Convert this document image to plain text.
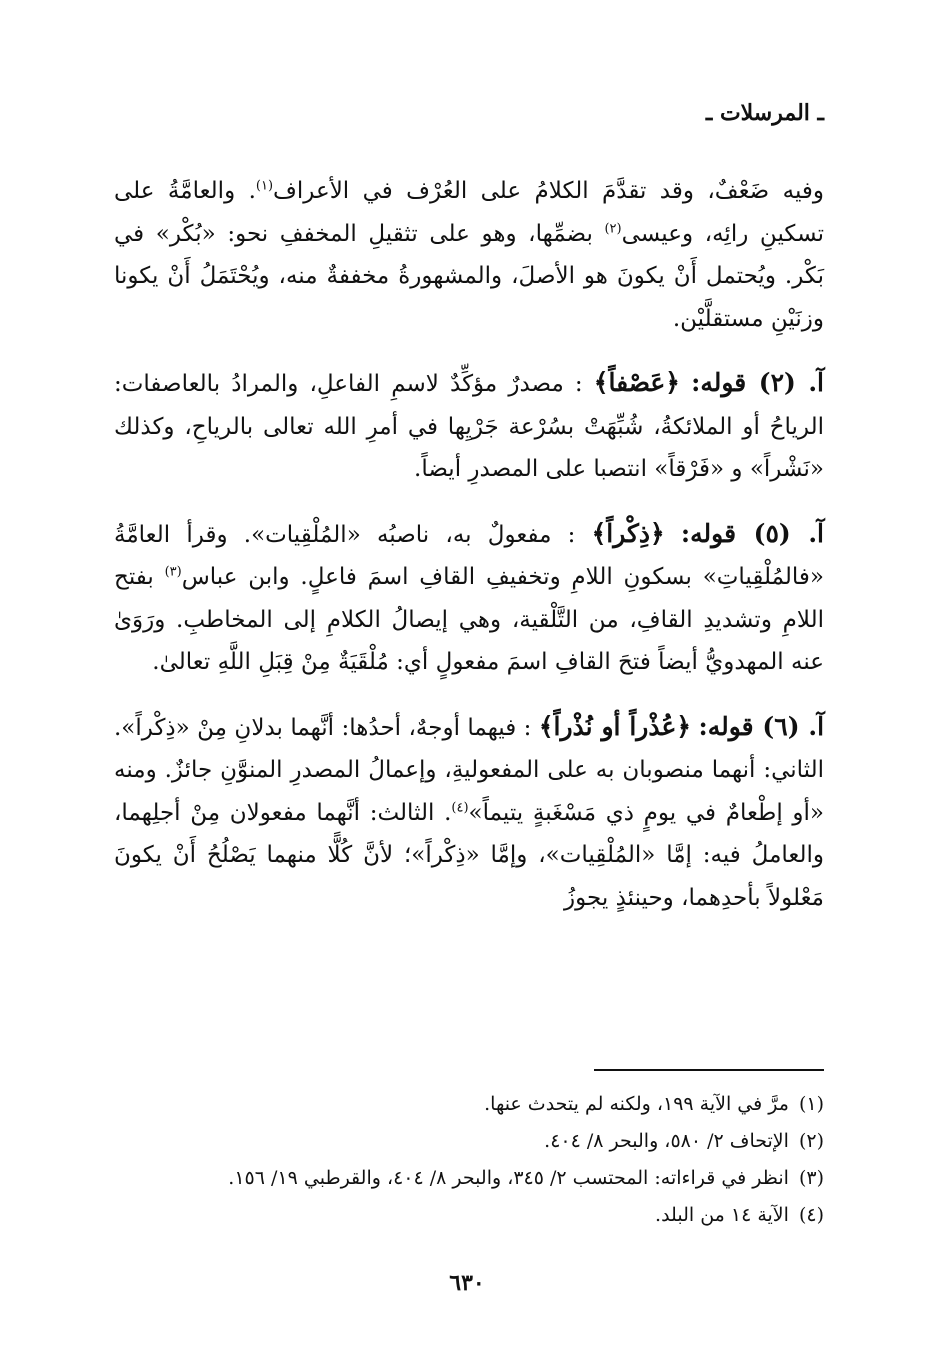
ـ المرسلات ـ

وفيه ضَعْفٌ، وقد تقدَّمَ الكلامُ على العُرْف في الأعراف$^{(١)}$. والعامَّةُ على تسكينِ رائِه، وعيسى$^{(٢)}$ بضمِّها، وهو على تثقيلِ المخففِ نحو: «بُكْر» في بَكْر. ويُحتمل أَنْ يكونَ هو الأصلَ، والمشهورةُ مخففةٌ منه، ويُحْتَمَلُ أَنْ يكونا وزنَيْنِ مستقلَّيْن.

آ. (٢) قوله: ﴿عَصْفاً﴾ : مصدرٌ مؤكِّدٌ لاسمِ الفاعلِ، والمرادُ بالعاصفات: الرياحُ أو الملائكةُ، شُبِّهَتْ بسُرْعة جَرْيِها في أمرِ الله تعالى بالرياحِ، وكذلك «نَشْراً» و «فَرْقاً» انتصبا على المصدرِ أيضاً.

آ. (٥) قوله: ﴿ذِكْراً﴾ : مفعولٌ به، ناصبُه «المُلْقِيات». وقرأ العامَّةُ «فالمُلْقِياتِ» بسكونِ اللامِ وتخفيفِ القافِ اسمَ فاعلٍ. وابن عباس$^{(٣)}$ بفتح اللامِ وتشديدِ القافِ، من التَّلْقية، وهي إيصالُ الكلامِ إلى المخاطبِ. ورَوَىٰ عنه المهدويُّ أيضاً فتحَ القافِ اسمَ مفعولٍ أي: مُلْقَيَةٌ مِنْ قِبَلِ اللَّهِ تعالىٰ.

آ. (٦) قوله: ﴿عُذْراً أو نُذْراً﴾ : فيهما أوجهٌ، أحدُها: أنَّهما بدلانِ مِنْ «ذِكْراً». الثاني: أنهما منصوبان به على المفعوليةِ، وإعمالُ المصدرِ المنوَّنِ جائزٌ. ومنه «أو إطْعامٌ في يومٍ ذي مَسْغَبةٍ يتيماً»$^{(٤)}$. الثالث: أنَّهما مفعولان مِنْ أجلِهما، والعاملُ فيه: إمَّا «المُلْقِيات»، وإمَّا «ذِكْراً»؛ لأنَّ كُلًّا منهما يَصْلُحُ أَنْ يكونَ مَعْلولاً بأحدِهما، وحينئذٍ يجوزُ

(١)مرَّ في الآية ١٩٩، ولكنه لم يتحدث عنها.
(٢)الإتحاف ٢/ ٥٨٠، والبحر ٨/ ٤٠٤.
(٣)انظر في قراءاته: المحتسب ٢/ ٣٤٥، والبحر ٨/ ٤٠٤، والقرطبي ١٩/ ١٥٦.
(٤)الآية ١٤ من البلد.
٦٣٠
